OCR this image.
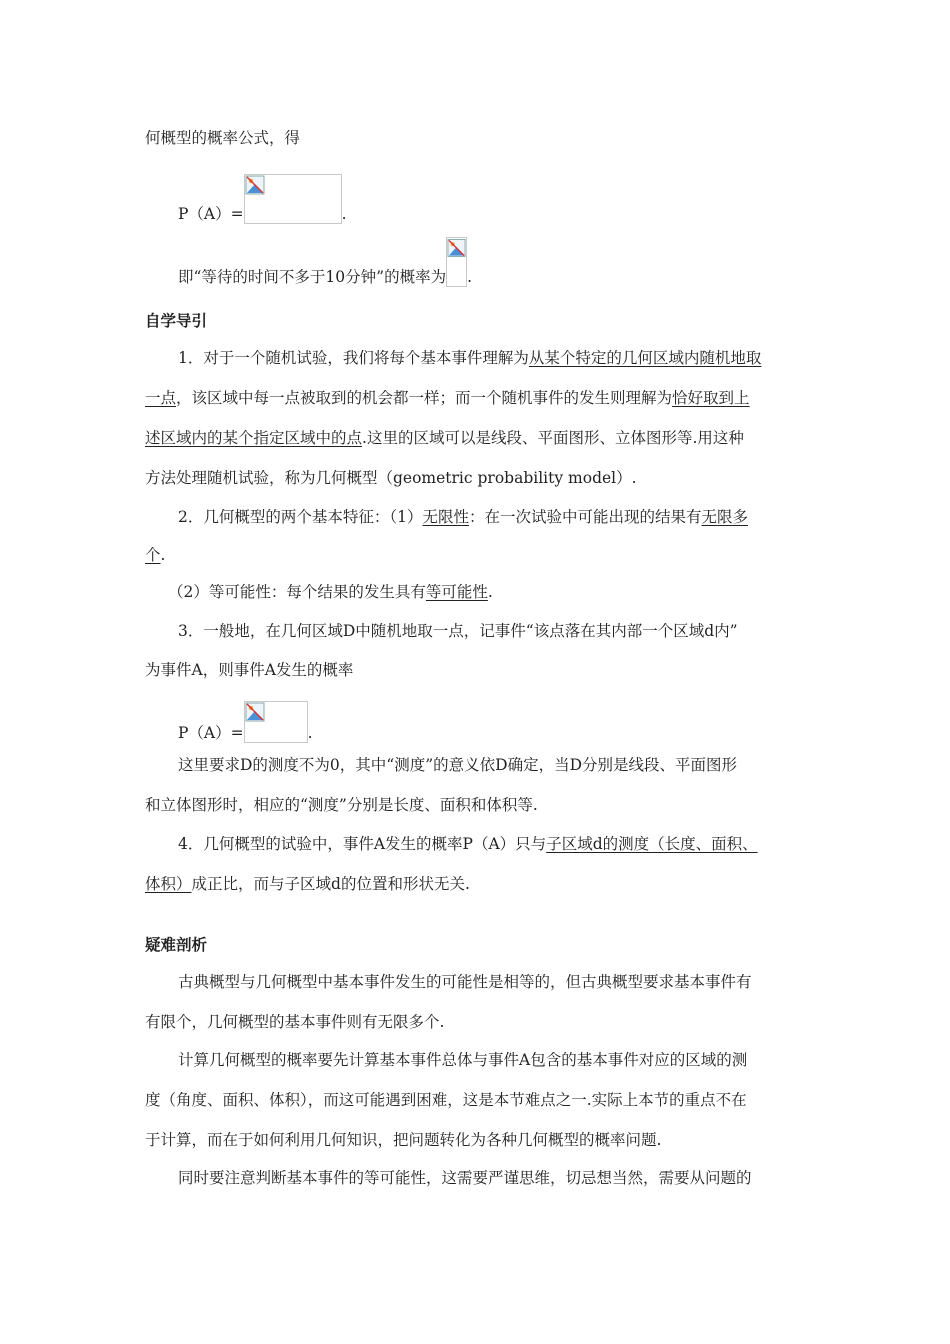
何概型的概率公式，得
P（A）=	.
即“等待的时间不多于10分钟”的概率为 .
自学导引
1．对于一个随机试验，我们将每个基本事件理解为从某个特定的几何区域内随机地取
一点，该区域中每一点被取到的机会都一样；而一个随机事件的发生则理解为恰好取到上
述区域内的某个指定区域中的点.这里的区域可以是线段、平面图形、立体图形等.用这种
方法处理随机试验，称为几何概型（geometric probability model）.
2．几何概型的两个基本特征：（1）无限性：在一次试验中可能出现的结果有无限多
个.
（2）等可能性：每个结果的发生具有等可能性.
3．一般地，在几何区域D中随机地取一点，记事件“该点落在其内部一个区域d内”
为事件A，则事件A发生的概率
P（A）=	.
这里要求D的测度不为0，其中“测度”的意义依D确定，当D分别是线段、平面图形
和立体图形时，相应的“测度”分别是长度、面积和体积等.
4．几何概型的试验中，事件A发生的概率P（A）只与子区域d的测度（长度、面积、
体积）成正比，而与子区域d的位置和形状无关.
疑难剖析
古典概型与几何概型中基本事件发生的可能性是相等的，但古典概型要求基本事件有
有限个，几何概型的基本事件则有无限多个.
计算几何概型的概率要先计算基本事件总体与事件A包含的基本事件对应的区域的测
度（角度、面积、体积），而这可能遇到困难，这是本节难点之一.实际上本节的重点不在
于计算，而在于如何利用几何知识，把问题转化为各种几何概型的概率问题.
同时要注意判断基本事件的等可能性，这需要严谨思维，切忌想当然，需要从问题的
